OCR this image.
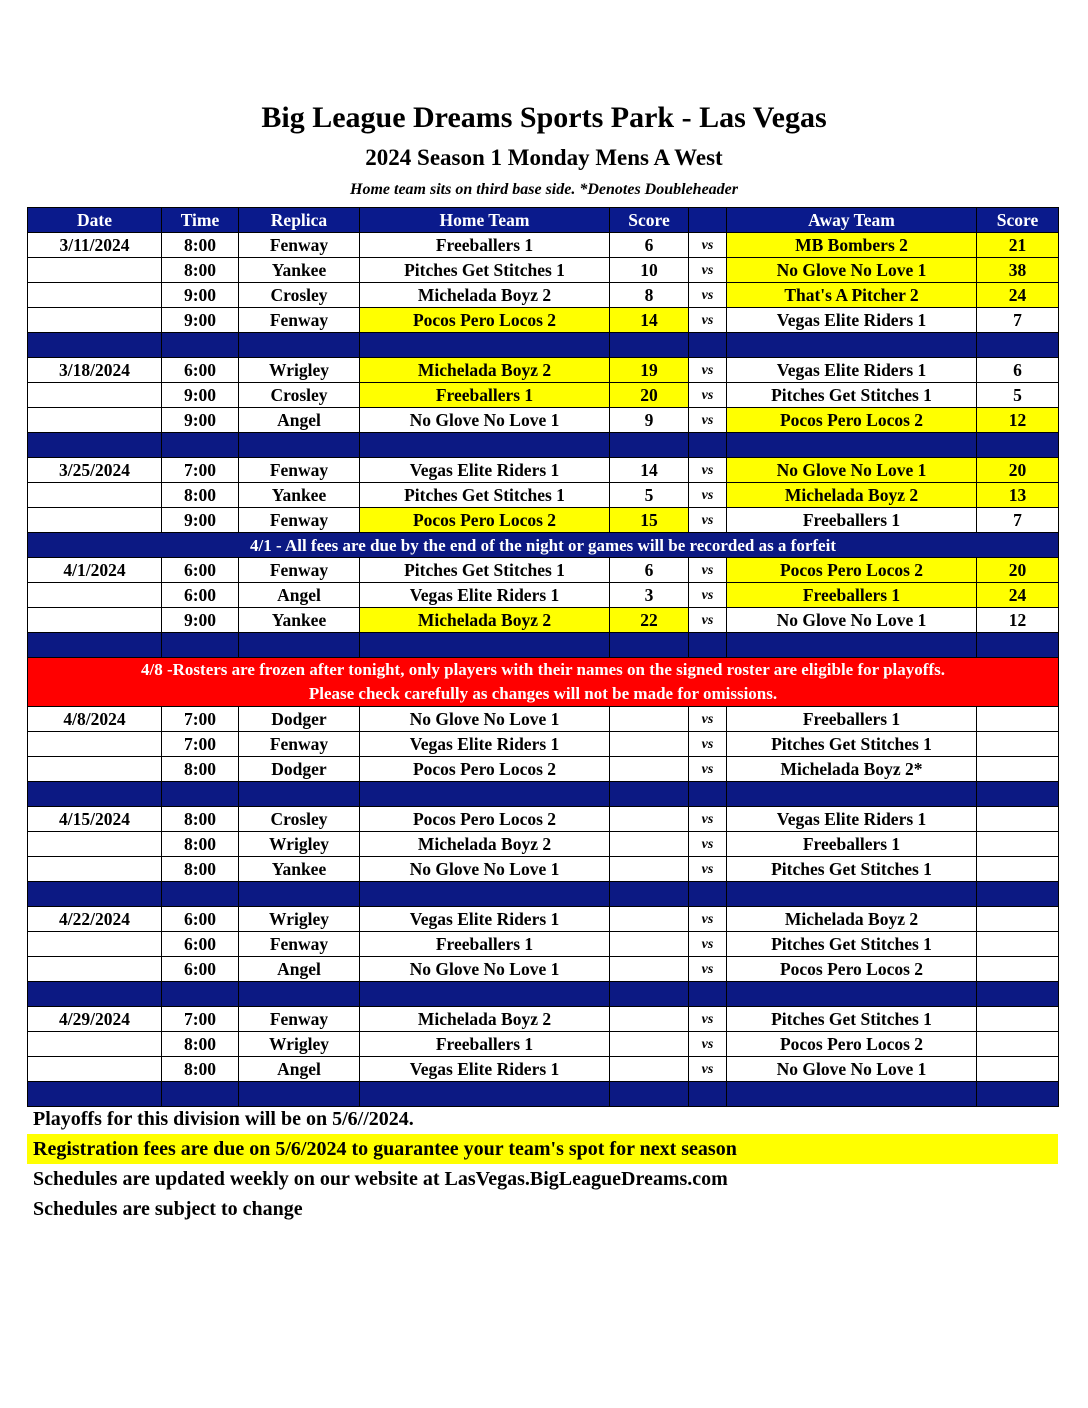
Big League Dreams Sports Park - Las Vegas
2024 Season 1 Monday Mens A West
Home team sits on third base side. *Denotes Doubleheader
Date	Time	Replica	Home Team	Score		Away Team	Score
3/11/2024	8:00	Fenway	Freeballers 1	6	vs	MB Bombers 2	21
	8:00	Yankee	Pitches Get Stitches 1	10	vs	No Glove No Love 1	38
	9:00	Crosley	Michelada Boyz 2	8	vs	That's A Pitcher 2	24
	9:00	Fenway	Pocos Pero Locos 2	14	vs	Vegas Elite Riders 1	7

3/18/2024	6:00	Wrigley	Michelada Boyz 2	19	vs	Vegas Elite Riders 1	6
	9:00	Crosley	Freeballers 1	20	vs	Pitches Get Stitches 1	5
	9:00	Angel	No Glove No Love 1	9	vs	Pocos Pero Locos 2	12

3/25/2024	7:00	Fenway	Vegas Elite Riders 1	14	vs	No Glove No Love 1	20
	8:00	Yankee	Pitches Get Stitches 1	5	vs	Michelada Boyz 2	13
	9:00	Fenway	Pocos Pero Locos 2	15	vs	Freeballers 1	7
4/1 - All fees are due by the end of the night or games will be recorded as a forfeit							
4/1/2024	6:00	Fenway	Pitches Get Stitches 1	6	vs	Pocos Pero Locos 2	20
	6:00	Angel	Vegas Elite Riders 1	3	vs	Freeballers 1	24
	9:00	Yankee	Michelada Boyz 2	22	vs	No Glove No Love 1	12

4/8 -Rosters are frozen after tonight, only players with their names on the signed roster are eligible for playoffs.
Please check carefully as changes will not be made for omissions.							

4/8/2024	7:00	Dodger	No Glove No Love 1		vs	Freeballers 1	
	7:00	Fenway	Vegas Elite Riders 1		vs	Pitches Get Stitches 1	
	8:00	Dodger	Pocos Pero Locos 2		vs	Michelada Boyz 2*	

4/15/2024	8:00	Crosley	Pocos Pero Locos 2		vs	Vegas Elite Riders 1	
	8:00	Wrigley	Michelada Boyz 2		vs	Freeballers 1	
	8:00	Yankee	No Glove No Love 1		vs	Pitches Get Stitches 1	

4/22/2024	6:00	Wrigley	Vegas Elite Riders 1		vs	Michelada Boyz 2	
	6:00	Fenway	Freeballers 1		vs	Pitches Get Stitches 1	
	6:00	Angel	No Glove No Love 1		vs	Pocos Pero Locos 2	

4/29/2024	7:00	Fenway	Michelada Boyz 2		vs	Pitches Get Stitches 1	
	8:00	Wrigley	Freeballers 1		vs	Pocos Pero Locos 2	
	8:00	Angel	Vegas Elite Riders 1		vs	No Glove No Love 1	

Playoffs for this division will be on 5/6//2024.
Registration fees are due on 5/6/2024 to guarantee your team's spot for next season
Schedules are updated weekly on our website at LasVegas.BigLeagueDreams.com
Schedules are subject to change
